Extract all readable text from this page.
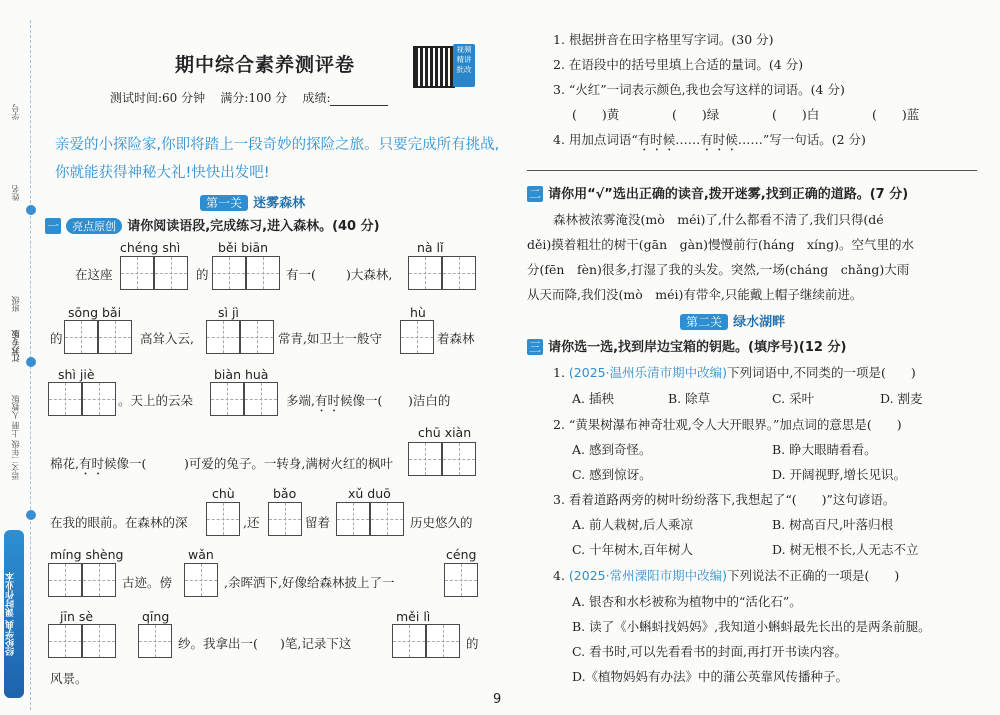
学号
姓名
班级
江苏专版
语文二年级 上册 人教版
经纶学典 课时作业本
期中综合素养测评卷
视频精讲批改
测试时间:60 分钟 满分:100 分 成绩:
亲爱的小探险家,你即将踏上一段奇妙的探险之旅。只要完成所有挑战,你就能获得神秘大礼!快快出发吧!
第一关 迷雾森林
一 亮点原创 请你阅读语段,完成练习,进入森林。(40 分)
chéng shì	běi biān	nà lǐ
在这座	的	有一( )大森林,
sōng bǎi	sì jì	hù
的	高耸入云,	常青,如卫士一般守	着森林
shì jiè	biàn huà
。天上的云朵	多端,有时候像一( )洁白的
chū xiàn
棉花,有时候像一(	)可爱的兔子。一转身,满树火红的枫叶
chù	bǎo	xǔ duō
在我的眼前。在森林的深	,还	留着	历史悠久的
míng shèng	wǎn	céng
古迹。傍	,余晖洒下,好像给森林披上了一
jīn sè	qīng	měi lì
纱。我拿出一( )笔,记录下这	的
风景。
1. 根据拼音在田字格里写字词。(30 分)
2. 在语段中的括号里填上合适的量词。(4 分)
3. “火红”一词表示颜色,我也会写这样的词语。(4 分)
(　　)黄	(　　)绿	(　　)白	(　　)蓝
4. 用加点词语“有时候……有时候……”写一句话。(2 分)
二 请你用“√”选出正确的读音,拨开迷雾,找到正确的道路。(7 分)
森林被浓雾淹没(mò　méi)了,什么都看不清了,我们只得(dé
děi)摸着粗壮的树干(gān　gàn)慢慢前行(háng　xíng)。空气里的水
分(fēn　fèn)很多,打湿了我的头发。突然,一场(cháng　chǎng)大雨
从天而降,我们没(mò　méi)有带伞,只能戴上帽子继续前进。
第二关 绿水湖畔
三 请你选一选,找到岸边宝箱的钥匙。(填序号)(12 分)
1. (2025·温州乐清市期中改编)下列词语中,不同类的一项是(　　)
A. 插秧	B. 除草	C. 采叶	D. 割麦
2. “黄果树瀑布神奇壮观,令人大开眼界。”加点词的意思是(　　)
A. 感到奇怪。	B. 睁大眼睛看看。
C. 感到惊讶。	D. 开阔视野,增长见识。
3. 看着道路两旁的树叶纷纷落下,我想起了“(　　)”这句谚语。
A. 前人栽树,后人乘凉	B. 树高百尺,叶落归根
C. 十年树木,百年树人	D. 树无根不长,人无志不立
4. (2025·常州溧阳市期中改编)下列说法不正确的一项是(　　)
A. 银杏和水杉被称为植物中的“活化石”。
B. 读了《小蝌蚪找妈妈》,我知道小蝌蚪最先长出的是两条前腿。
C. 看书时,可以先看看书的封面,再打开书读内容。
D.《植物妈妈有办法》中的蒲公英靠风传播种子。
9
